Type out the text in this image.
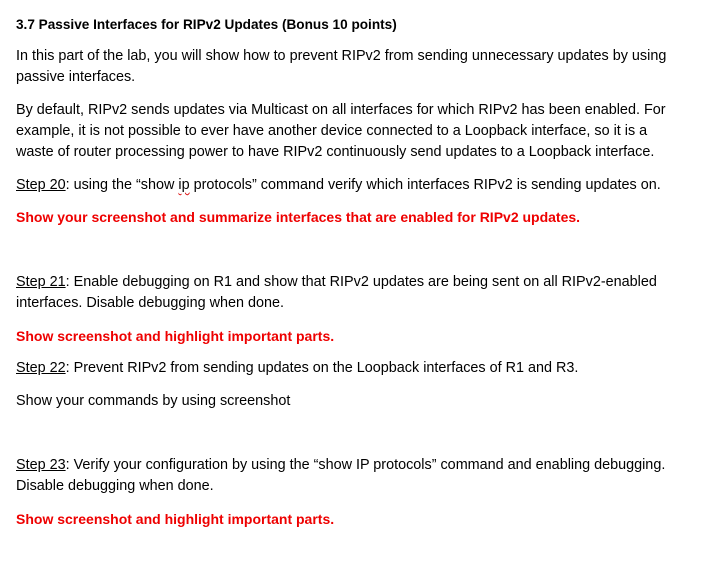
3.7 Passive Interfaces for RIPv2 Updates (Bonus 10 points)
In this part of the lab, you will show how to prevent RIPv2 from sending unnecessary updates by using
passive interfaces.
By default, RIPv2 sends updates via Multicast on all interfaces for which RIPv2 has been enabled. For
example, it is not possible to ever have another device connected to a Loopback interface, so it is a
waste of router processing power to have RIPv2 continuously send updates to a Loopback interface.
Step 20: using the “show ip protocols” command verify which interfaces RIPv2 is sending updates on.
Show your screenshot and summarize interfaces that are enabled for RIPv2 updates.
Step 21: Enable debugging on R1 and show that RIPv2 updates are being sent on all RIPv2-enabled
interfaces. Disable debugging when done.
Show screenshot and highlight important parts.
Step 22: Prevent RIPv2 from sending updates on the Loopback interfaces of R1 and R3.
Show your commands by using screenshot
Step 23: Verify your configuration by using the “show IP protocols” command and enabling debugging.
Disable debugging when done.
Show screenshot and highlight important parts.
